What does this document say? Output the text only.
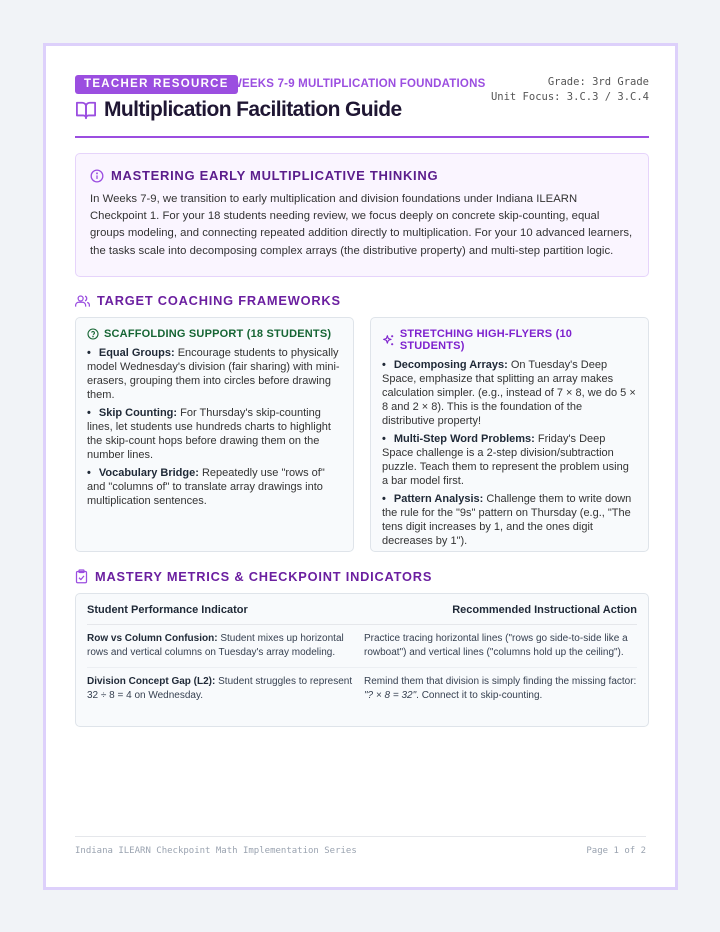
TEACHER RESOURCE WEEKS 7-9 MULTIPLICATION FOUNDATIONS
Multiplication Facilitation Guide
Grade: 3rd Grade
Unit Focus: 3.C.3 / 3.C.4
MASTERING EARLY MULTIPLICATIVE THINKING

In Weeks 7-9, we transition to early multiplication and division foundations under Indiana ILEARN Checkpoint 1. For your 18 students needing review, we focus deeply on concrete skip-counting, equal groups modeling, and connecting repeated addition directly to multiplication. For your 10 advanced learners, the tasks scale into decomposing complex arrays (the distributive property) and multi-step partition logic.

TARGET COACHING FRAMEWORKS
SCAFFOLDING SUPPORT (18 STUDENTS)
• Equal Groups: Encourage students to physically model Wednesday's division (fair sharing) with mini-erasers, grouping them into circles before drawing them.
• Skip Counting: For Thursday's skip-counting lines, let students use hundreds charts to highlight the skip-count hops before drawing them on the number lines.
• Vocabulary Bridge: Repeatedly use "rows of" and "columns of" to translate array drawings into multiplication sentences.
STRETCHING HIGH-FLYERS (10 STUDENTS)
• Decomposing Arrays: On Tuesday's Deep Space, emphasize that splitting an array makes calculation simpler. (e.g., instead of 7 × 8, we do 5 × 8 and 2 × 8). This is the foundation of the distributive property!
• Multi-Step Word Problems: Friday's Deep Space challenge is a 2-step division/subtraction puzzle. Teach them to represent the problem using a bar model first.
• Pattern Analysis: Challenge them to write down the rule for the "9s" pattern on Thursday (e.g., "The tens digit increases by 1, and the ones digit decreases by 1").
MASTERY METRICS & CHECKPOINT INDICATORS
Student Performance Indicator	Recommended Instructional Action
Row vs Column Confusion: Student mixes up horizontal rows and vertical columns on Tuesday's array modeling.
Practice tracing horizontal lines ("rows go side-to-side like a rowboat") and vertical lines ("columns hold up the ceiling").
Division Concept Gap (L2): Student struggles to represent 32 ÷ 8 = 4 on Wednesday.
Remind them that division is simply finding the missing factor: "? × 8 = 32". Connect it to skip-counting.
Indiana ILEARN Checkpoint Math Implementation Series	Page 1 of 2
